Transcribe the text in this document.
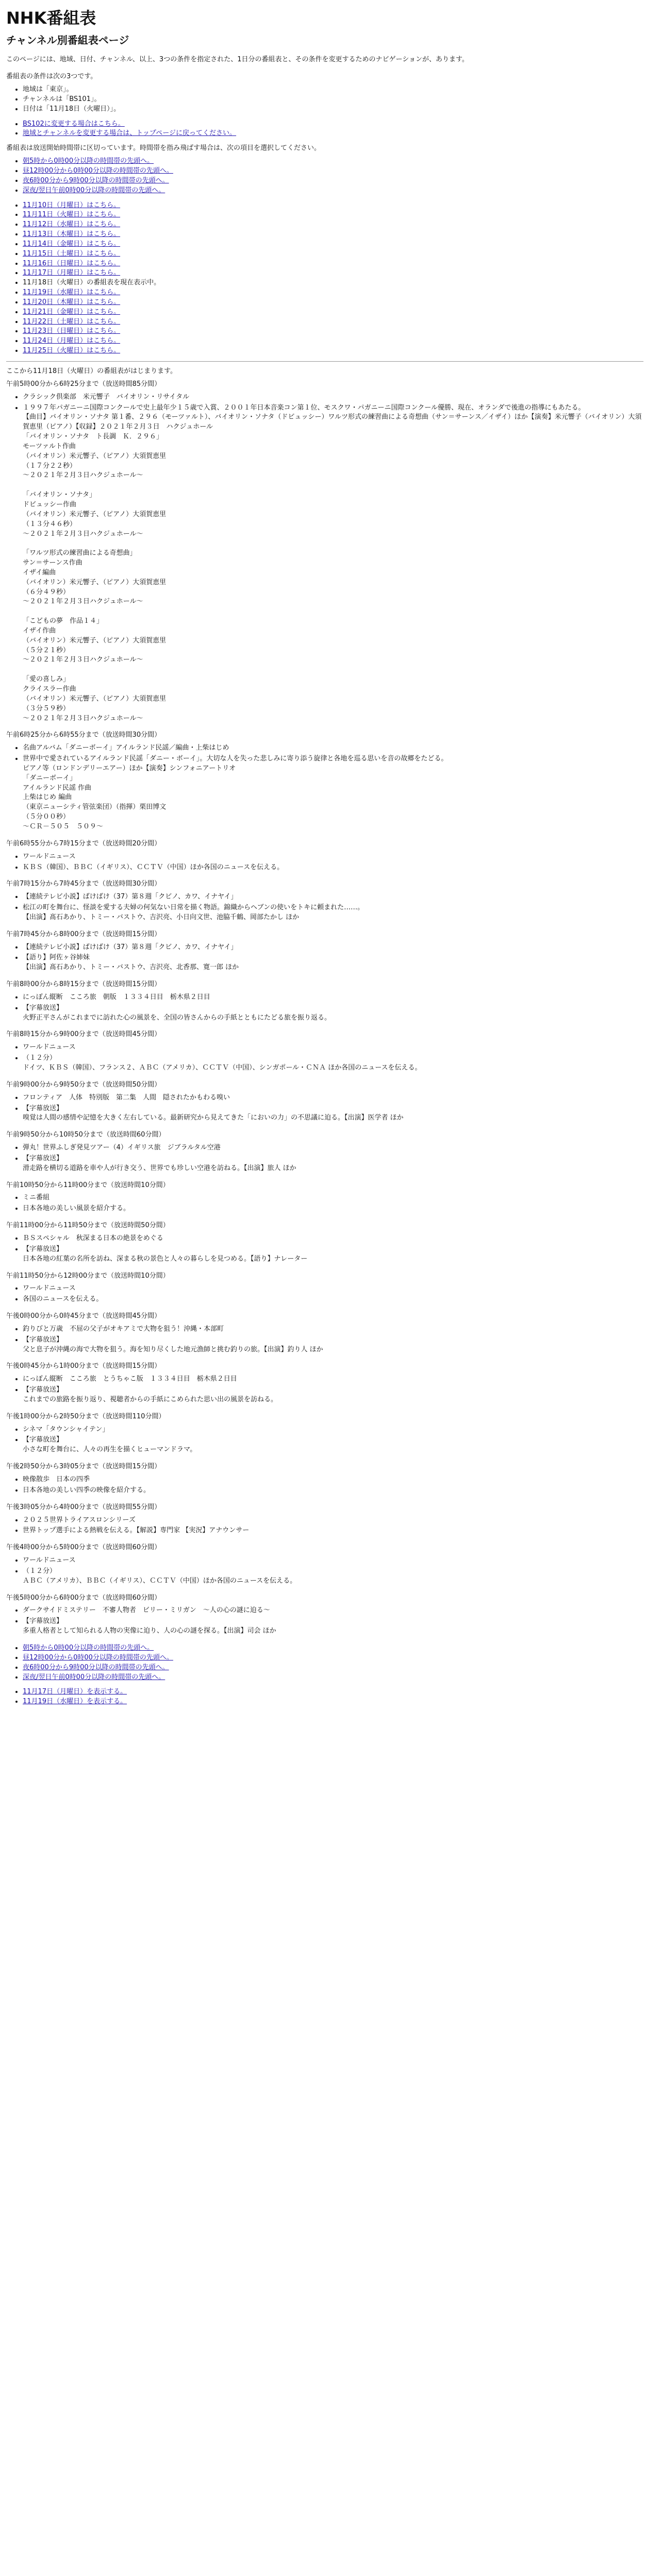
NHK番組表
チャンネル別番組表ページ

このページには、地域、日付、チャンネル、以上、3つの条件を指定された、1日分の番組表と、その条件を変更するためのナビゲーションが、あります。

番組表の条件は次の3つです。

• 地域は「東京」。
• チャンネルは「BS101」。
• 日付は「11月18日（火曜日）」。
• BS102に変更する場合はこちら。
• 地域とチャンネルを変更する場合は、トップページに戻ってください。

番組表は放送開始時間帯に区切っています。時間帯を指み飛ばす場合は、次の項目を選択してください。

• 朝5時から0時00分以降の時間帯の先頭へ。
• 昼12時00分から0時00分以降の時間帯の先頭へ。
• 夜6時00分から9時00分以降の時間帯の先頭へ。
• 深夜/翌日午前0時00分以降の時間帯の先頭へ。
• 11月10日（月曜日）はこちら。
• 11月11日（火曜日）はこちら。
• 11月12日（水曜日）はこちら。
• 11月13日（木曜日）はこちら。
• 11月14日（金曜日）はこちら。
• 11月15日（土曜日）はこちら。
• 11月16日（日曜日）はこちら。
• 11月17日（月曜日）はこちら。
• 11月18日（火曜日）の番組表を現在表示中。
• 11月19日（水曜日）はこちら。
• 11月20日（木曜日）はこちら。
• 11月21日（金曜日）はこちら。
• 11月22日（土曜日）はこちら。
• 11月23日（日曜日）はこちら。
• 11月24日（月曜日）はこちら。
• 11月25日（火曜日）はこちら。

ここから11月18日（火曜日）の番組表がはじまります。

午前5時00分から6時25分まで（放送時間85分間）

• クラシック倶楽部　米元響子　バイオリン・リサイタル
• １９９７年パガニーニ国際コンクールで史上最年少１５歳で入賞、２００１年日本音楽コン第１位、モスクワ・パガニーニ国際コンクール優勝、現在、オランダで後進の指導にもあたる。
【曲目】バイオリン・ソナタ 第１番、２９６（モーツァルト）、バイオリン・ソナタ（ドビュッシー）ワルツ形式の練習曲による奇想曲（サン＝サーンス／イザイ）ほか【演奏】米元響子（バイオリン）大須賀恵里（ピアノ）【収録】２０２１年２月３日　ハクジュホール
「バイオリン・ソナタ　ト長調　Ｋ．２９６」
モーツァルト作曲
（バイオリン）米元響子、（ピアノ）大須賀恵里
（１７分２２秒）
～２０２１年２月３日ハクジュホール～

「バイオリン・ソナタ」
ドビュッシー作曲
（バイオリン）米元響子、（ピアノ）大須賀恵里
（１３分４６秒）
～２０２１年２月３日ハクジュホール～

「ワルツ形式の練習曲による奇想曲」
サン＝サーンス作曲
イザイ編曲
（バイオリン）米元響子、（ピアノ）大須賀恵里
（６分４９秒）
～２０２１年２月３日ハクジュホール～

「こどもの夢　作品１４」
イザイ作曲
（バイオリン）米元響子、（ピアノ）大須賀恵里
（５分２１秒）
～２０２１年２月３日ハクジュホール～

「愛の喜しみ」
クライスラー作曲
（バイオリン）米元響子、（ピアノ）大須賀恵里
（３分５９秒）
～２０２１年２月３日ハクジュホール～

午前6時25分から6時55分まで（放送時間30分間）

• 名曲アルバム「ダニーボーイ」アイルランド民謡／編曲・上柴はじめ
• 世界中で愛されているアイルランド民謡「ダニー・ボーイ」。大切な人を失った悲しみに寄り添う旋律と各地を巡る思いを音の故郷をたどる。
ピアノ等（ロンドンデリーエアー）ほか【演奏】シンフォニアートリオ
「ダニーボーイ」
アイルランド民謡 作曲
上柴はじめ 編曲
（東京ニューシティ管弦楽団）（指揮）栗田博文
（５分００秒）
～ＣＲ－５０５　５０９～

午前6時55分から7時15分まで（放送時間20分間）

• ワールドニュース
• ＫＢＳ（韓国）、ＢＢＣ（イギリス）、ＣＣＴＶ（中国）ほか各国のニュースを伝える。

午前7時15分から7時45分まで（放送時間30分間）

• 【連続テレビ小説】ばけばけ（37）第８週「クビノ、カワ、イナヤイ」
• 松江の町を舞台に、怪談を愛する夫婦の何気ない日常を描く物語。錦織からヘブンの使いをトキに頼まれた……。
【出演】髙石あかり、トミー・バストウ、吉沢亮、小日向文世、池脇千鶴、岡部たかし ほか

午前7時45分から8時00分まで（放送時間15分間）

• 【連続テレビ小説】ばけばけ（37）第８週「クビノ、カワ、イナヤイ」
• 【語り】阿佐ヶ谷姉妹
【出演】髙石あかり、トミー・バストウ、吉沢亮、北香那、寛一郎 ほか

午前8時00分から8時15分まで（放送時間15分間）

• にっぽん縦断　こころ旅　朝版　１３３４日目　栃木県２日目
• 【字幕放送】
火野正平さんがこれまでに訪れた心の風景を、全国の皆さんからの手紙とともにたどる旅を振り返る。

午前8時15分から9時00分まで（放送時間45分間）

• ワールドニュース
• （１２分）
ドイツ、ＫＢＳ（韓国）、フランス２、ＡＢＣ（アメリカ）、ＣＣＴＶ（中国）、シンガポール・ＣＮＡ ほか各国のニュースを伝える。

午前9時00分から9時50分まで（放送時間50分間）

• フロンティア　人体　特別版　第二集　人間　隠されたかもわる嗅い
• 【字幕放送】
嗅覚は人間の感情や記憶を大きく左右している。最新研究から見えてきた「においの力」の不思議に迫る。【出演】医学者 ほか

午前9時50分から10時50分まで（放送時間60分間）

• 弾丸！世界ふしぎ発見ツアー（4）イギリス旅　ジブラルタル空港
• 【字幕放送】
滑走路を横切る道路を車や人が行き交う、世界でも珍しい空港を訪ねる。【出演】旅人 ほか

午前10時50分から11時00分まで（放送時間10分間）

• ミニ番組
• 日本各地の美しい風景を紹介する。

午前11時00分から11時50分まで（放送時間50分間）

• ＢＳスペシャル　秋深まる日本の絶景をめぐる
• 【字幕放送】
日本各地の紅葉の名所を訪ね、深まる秋の景色と人々の暮らしを見つめる。【語り】ナレーター

午前11時50分から12時00分まで（放送時間10分間）

• ワールドニュース
• 各国のニュースを伝える。

午後0時00分から0時45分まで（放送時間45分間）

• 釣りびと万歳　不屈の父子がオキアミで大物を狙う！沖縄・本部町
• 【字幕放送】
父と息子が沖縄の海で大物を狙う。海を知り尽くした地元漁師と挑む釣りの旅。【出演】釣り人 ほか

午後0時45分から1時00分まで（放送時間15分間）

• にっぽん縦断　こころ旅　とうちゃこ版　１３３４日目　栃木県２日目
• 【字幕放送】
これまでの旅路を振り返り、視聴者からの手紙にこめられた思い出の風景を訪ねる。

午後1時00分から2時50分まで（放送時間110分間）

• シネマ「タウンシャイテン」
• 【字幕放送】
小さな町を舞台に、人々の再生を描くヒューマンドラマ。

午後2時50分から3時05分まで（放送時間15分間）

• 映像散歩　日本の四季
• 日本各地の美しい四季の映像を紹介する。

午後3時05分から4時00分まで（放送時間55分間）

• ２０２５世界トライアスロンシリーズ
• 世界トップ選手による熱戦を伝える。【解説】専門家 【実況】アナウンサー

午後4時00分から5時00分まで（放送時間60分間）

• ワールドニュース
• （１２分）
ＡＢＣ（アメリカ）、ＢＢＣ（イギリス）、ＣＣＴＶ（中国）ほか各国のニュースを伝える。

午後5時00分から6時00分まで（放送時間60分間）

• ダークサイドミステリー　不審人物者　ビリー・ミリガン　～人の心の謎に迫る～
• 【字幕放送】
多重人格者として知られる人物の実像に迫り、人の心の謎を探る。【出演】司会 ほか
• 朝5時から0時00分以降の時間帯の先頭へ。
• 昼12時00分から0時00分以降の時間帯の先頭へ。
• 夜6時00分から9時00分以降の時間帯の先頭へ。
• 深夜/翌日午前0時00分以降の時間帯の先頭へ。
• 11月17日（月曜日）を表示する。
• 11月19日（水曜日）を表示する。
